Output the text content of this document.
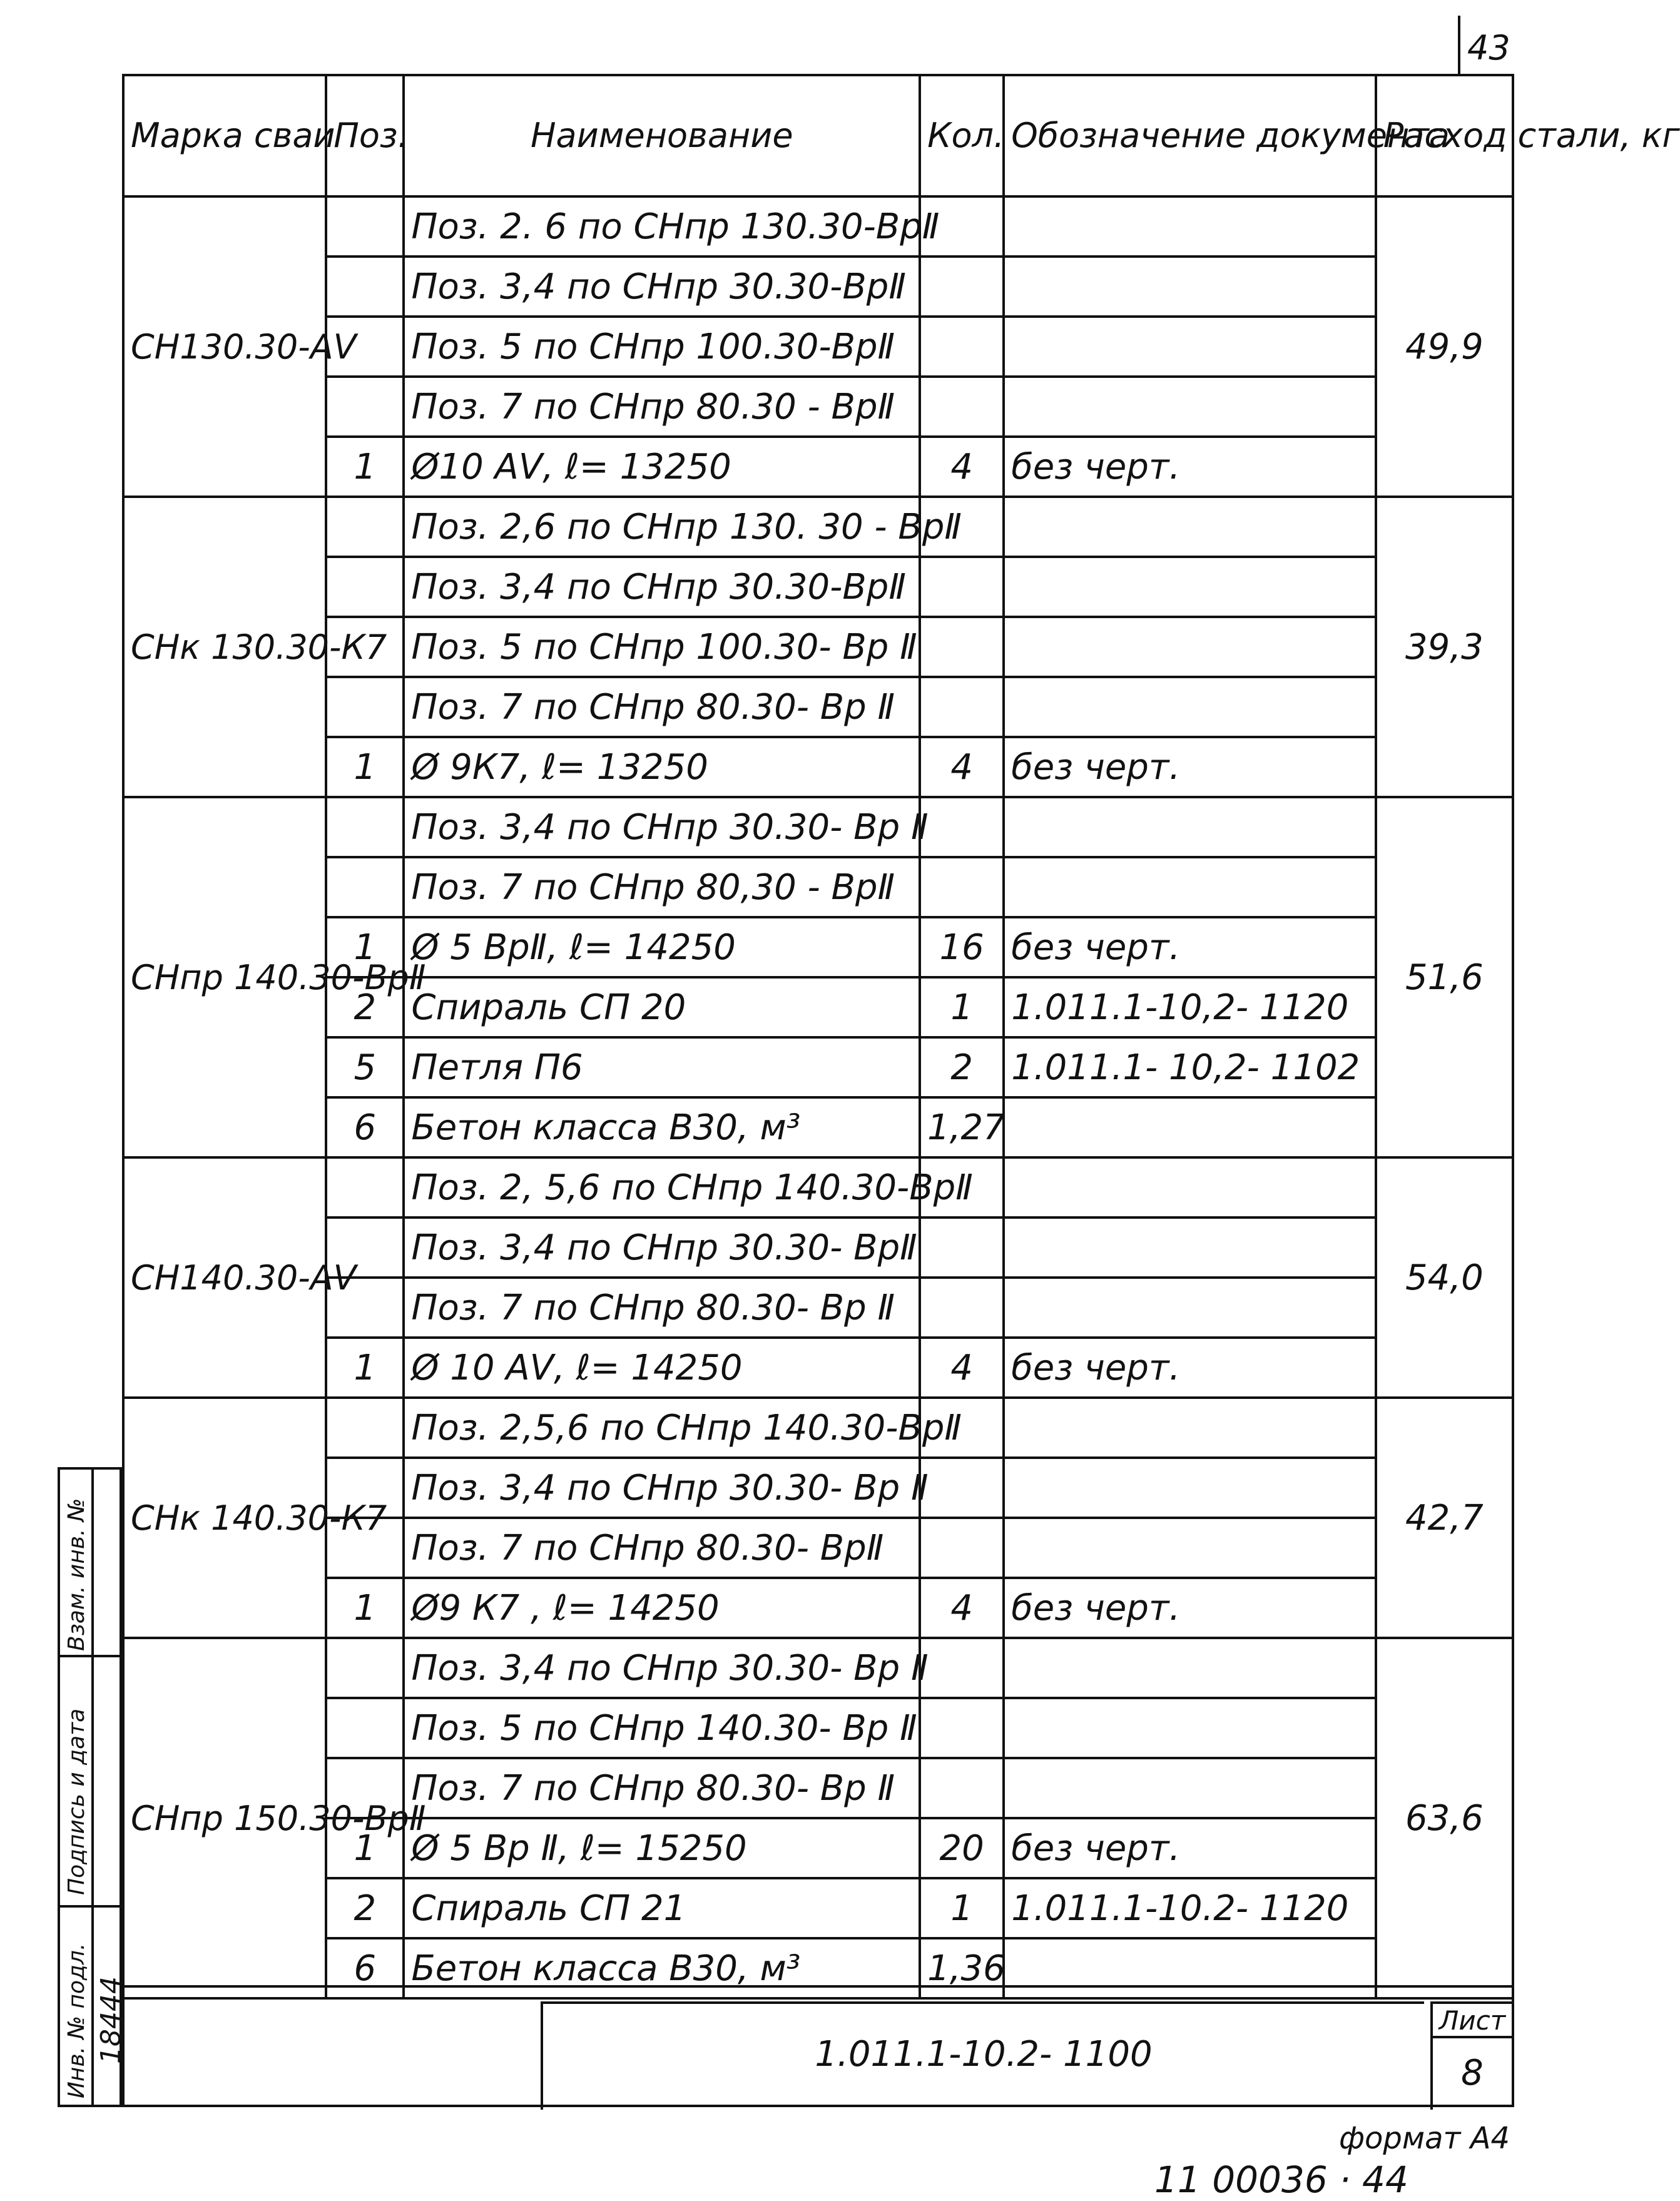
43
Марка сваи	Поз.	Наименование	Кол.	Обозначение документа	Расход стали, кг
СН130.30-АⅤ		Поз. 2. 6 по СНпр 130.30-ВрⅡ			49,9
		Поз. 3,4 по СНпр 30.30-ВрⅡ			
		Поз. 5 по СНпр 100.30-ВрⅡ			
		Поз. 7 по СНпр 80.30 - ВрⅡ			
	1	Ø10 АⅤ, ℓ= 13250	4	без черт.	
СНк 130.30-К7		Поз. 2,6 по СНпр 130. 30 - ВрⅡ			39,3
		Поз. 3,4 по СНпр 30.30-ВрⅡ			
		Поз. 5 по СНпр 100.30- Вр Ⅱ			
		Поз. 7 по СНпр 80.30- Вр Ⅱ			
	1	Ø 9К7, ℓ= 13250	4	без черт.	
СНпр 140.30-ВрⅡ		Поз. 3,4 по СНпр 30.30- Вр Ⅱ			51,6
		Поз. 7 по СНпр 80,30 - ВрⅡ			
	1	Ø 5 ВрⅡ, ℓ= 14250	16	без черт.	
	2	Спираль СП 20	1	1.011.1-10,2- 1120	
	5	Петля П6	2	1.011.1- 10,2- 1102	
	6	Бетон класса В30, м³	1,27		
СН140.30-АⅤ		Поз. 2, 5,6 по СНпр 140.30-ВрⅡ			54,0
		Поз. 3,4 по СНпр 30.30- ВрⅡ			
		Поз. 7 по СНпр 80.30- Вр Ⅱ			
	1	Ø 10 АⅤ, ℓ= 14250	4	без черт.	
СНк 140.30-К7		Поз. 2,5,6 по СНпр 140.30-ВрⅡ			42,7
		Поз. 3,4 по СНпр 30.30- Вр Ⅱ			
		Поз. 7 по СНпр 80.30- ВрⅡ			
	1	Ø9 К7 , ℓ= 14250	4	без черт.	
СНпр 150.30-ВрⅡ		Поз. 3,4 по СНпр 30.30- Вр Ⅱ			63,6
		Поз. 5 по СНпр 140.30- Вр Ⅱ			
		Поз. 7 по СНпр 80.30- Вр Ⅱ			
	1	Ø 5 Вр Ⅱ, ℓ= 15250	20	без черт.	
	2	Спираль СП 21	1	1.011.1-10.2- 1120	
	6	Бетон класса В30, м³	1,36		
1.011.1-10.2- 1100
Лист
8
Взам. инв. №
Подпись и дата
Инв. № подл. 18444
формат А4
11 00036 · 44
